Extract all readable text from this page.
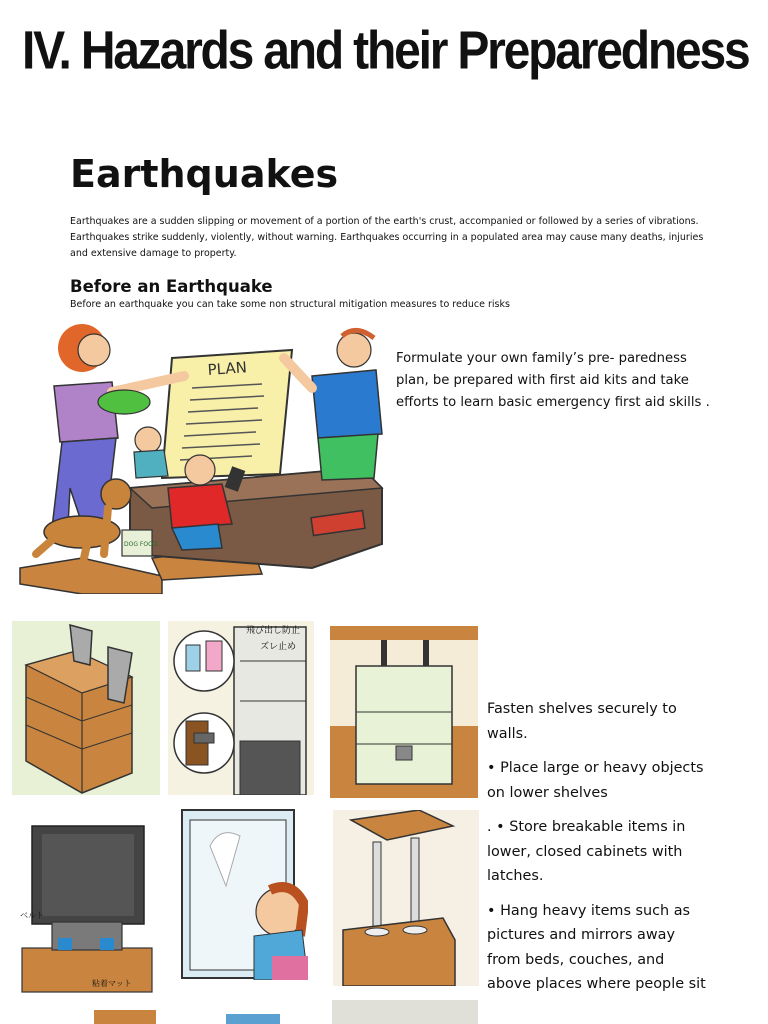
IV. Hazards and their Preparedness
Earthquakes
Earthquakes are a sudden slipping or movement of a portion of the earth's crust, accompanied or followed by a series of vibrations. Earthquakes strike suddenly, violently, without warning. Earthquakes occurring in a populated area may cause many deaths, injuries and extensive damage to property.
Before an Earthquake
Before an earthquake you can take some non structural mitigation measures to reduce risks
PLAN
DOG FOOD
Formulate your own family’s pre- paredness plan, be prepared with first aid kits and take efforts to learn basic emergency first aid skills .
飛び出し防止
ズレ止め
ベルト
粘着マット

Fasten shelves securely to walls.

• Place large or heavy objects on lower shelves

. • Store breakable items in lower, closed cabinets with latches.

• Hang heavy items such as pictures and mirrors away from beds, couches, and above places where people sit
